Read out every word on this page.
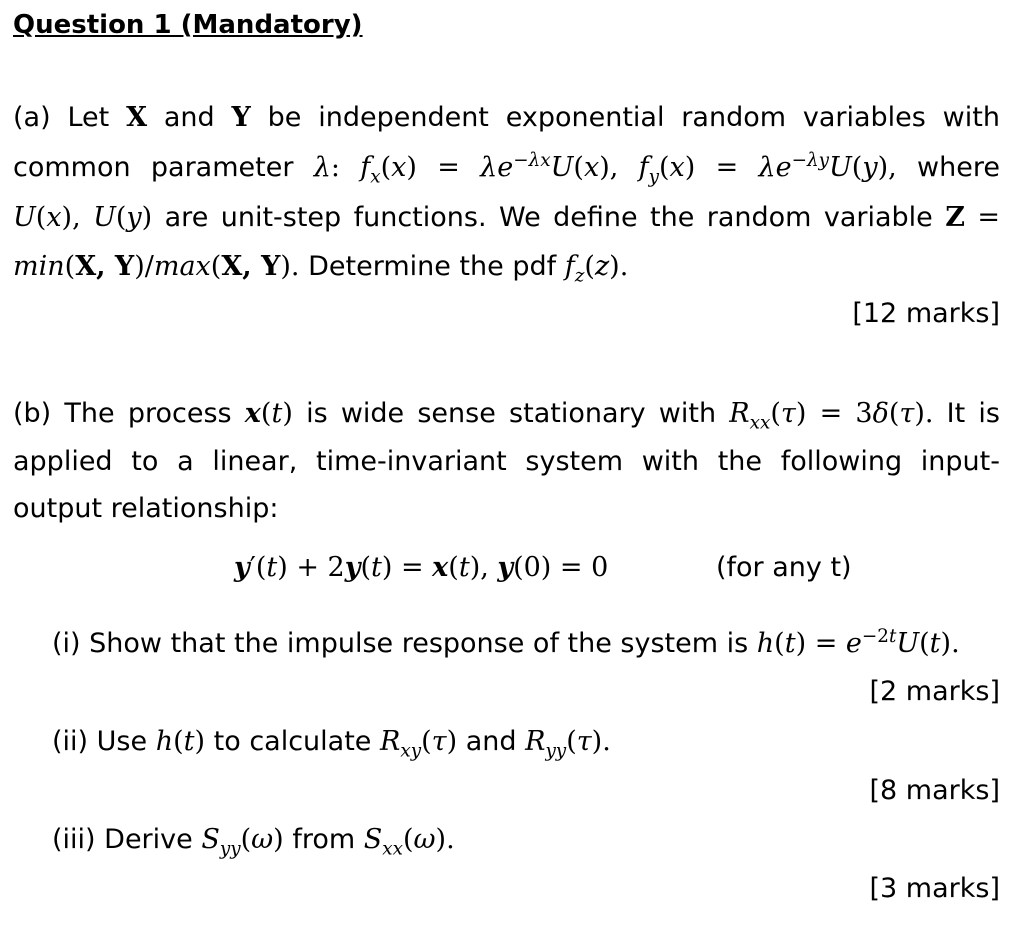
Question 1 (Mandatory)
(a) Let X and Y be independent exponential random variables with
common parameter λ: $f_x(x) = \lambda e^{-\lambda x}U(x)$, $f_y(x) = \lambda e^{-\lambda y}U(y)$, where
U(x), U(y) are unit-step functions. We define the random variable Z =
min(X, Y)/max(X, Y). Determine the pdf $f_z(z)$.
[12 marks]
(b) The process x(t) is wide sense stationary with $R_{xx}(\tau) = 3\delta(\tau)$. It is
applied to a linear, time-invariant system with the following input-
output relationship:
y′(t) + 2y(t) = x(t), y(0) = 0	(for any t)
(i) Show that the impulse response of the system is $h(t) = e^{-2t}U(t)$.
[2 marks]
(ii) Use h(t) to calculate $R_{xy}(\tau)$ and $R_{yy}(\tau)$.
[8 marks]
(iii) Derive $S_{yy}(\omega)$ from $S_{xx}(\omega)$.
[3 marks]
